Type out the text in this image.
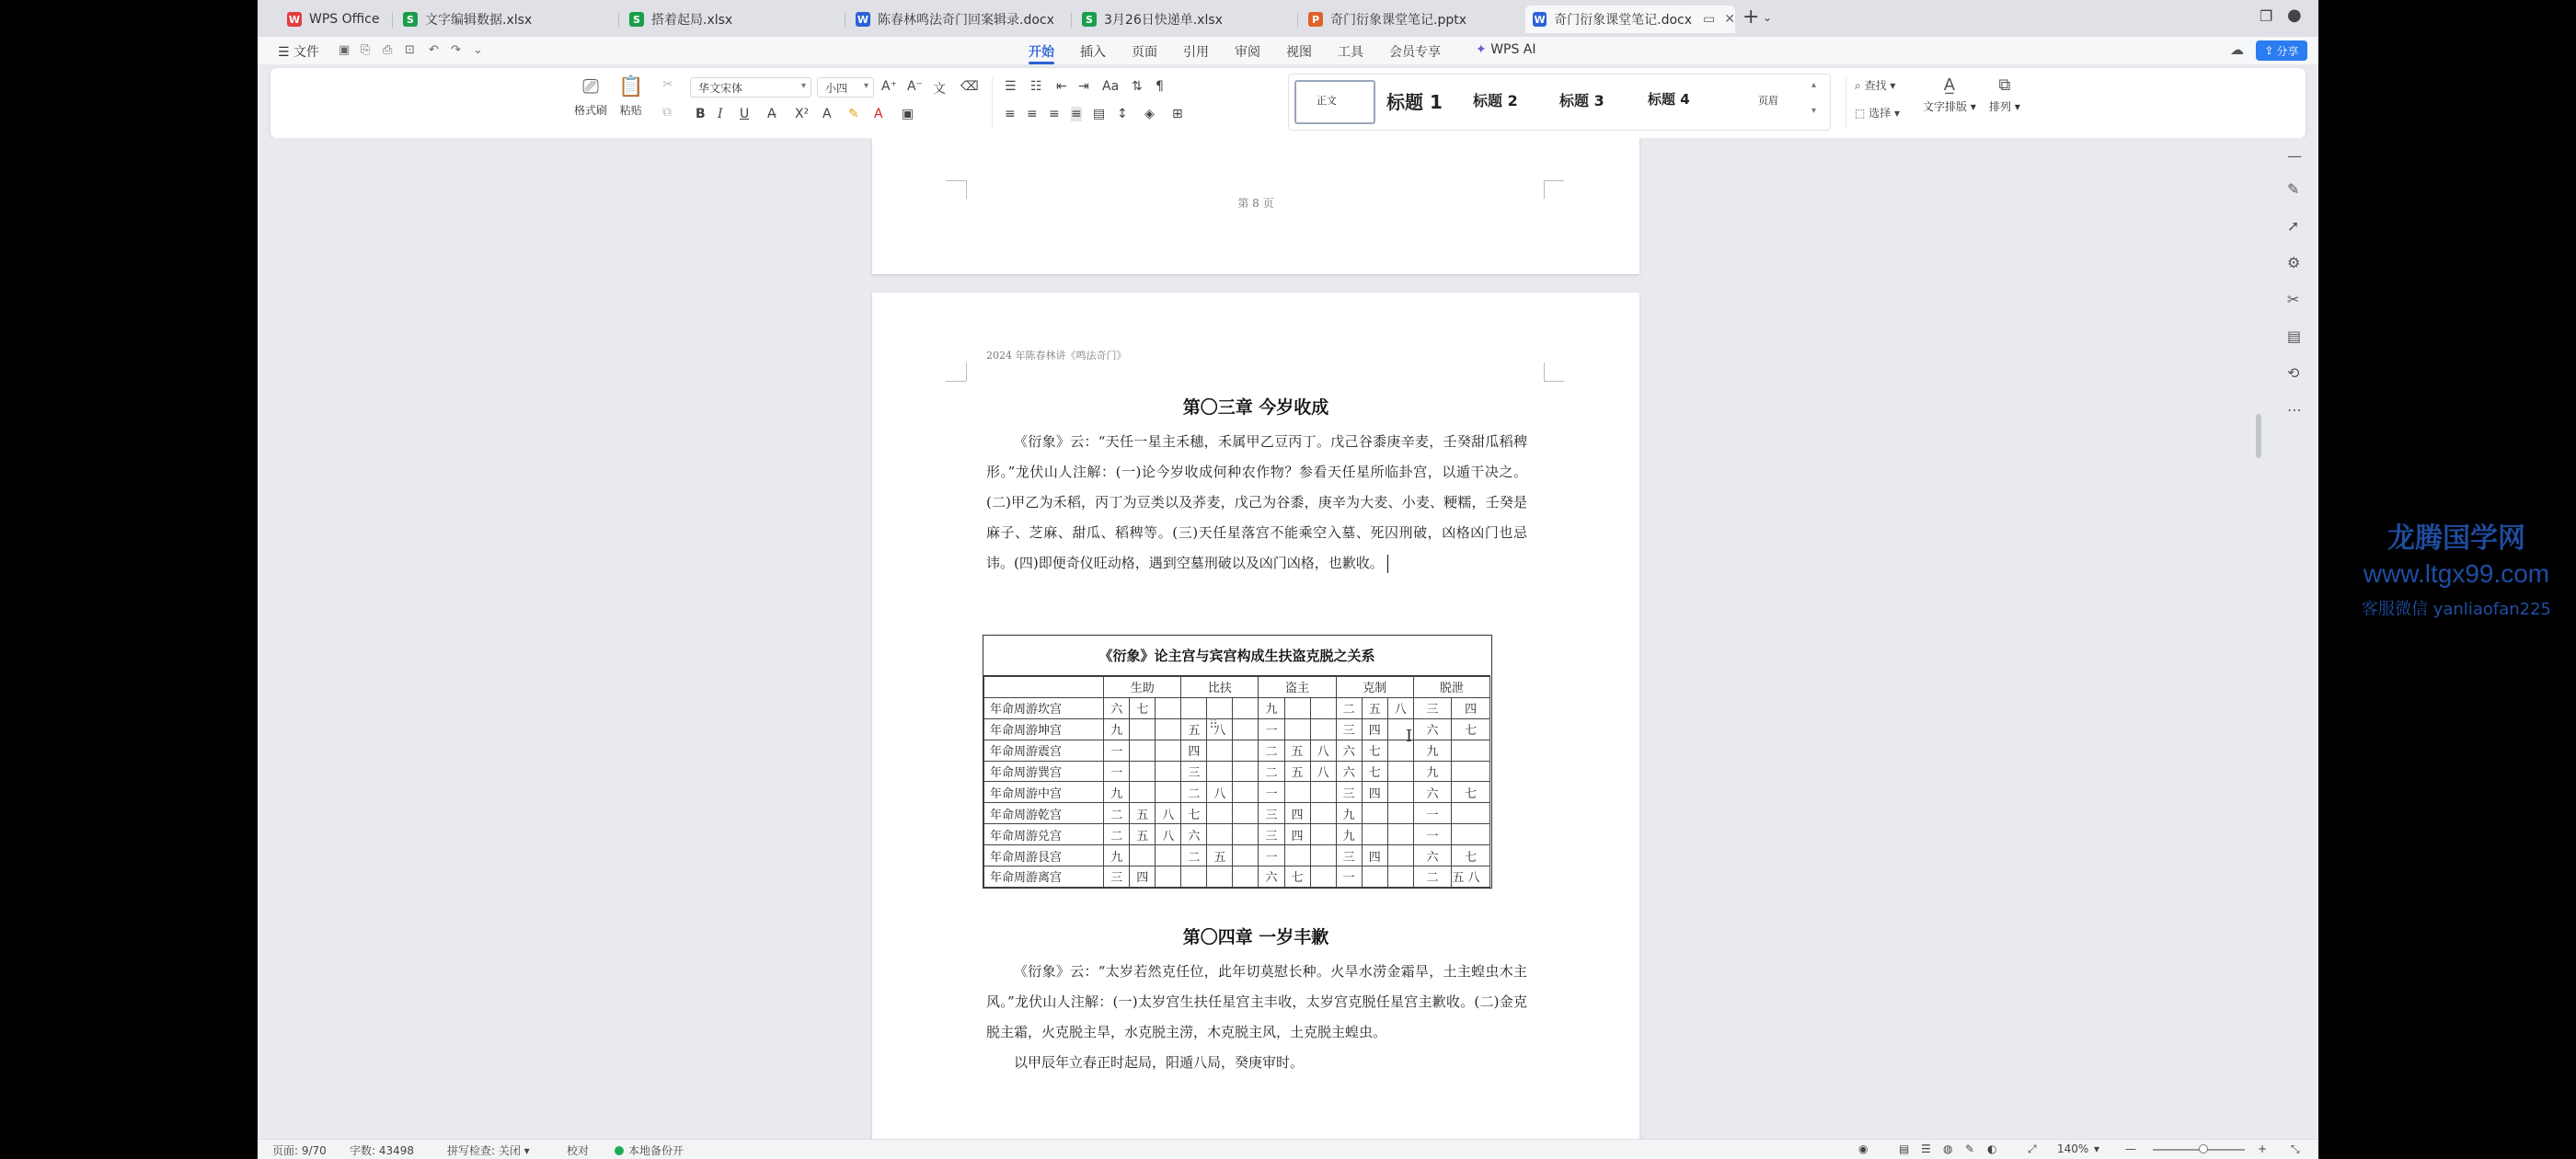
W WPS Office	S 文字编辑数据.xlsx	S 搭着起局.xlsx	W 陈春林鸣法奇门回案辑录.docx	S 3月26日快递单.xlsx	P 奇门衍象课堂笔记.pptx	W 奇门衍象课堂笔记.docx ▭ ✕ + ⌄	❐ ●
☰ 文件 ▣ ⎘ ⎙ ⊡ ↶ ↷ ⌄	开始 插入 页面 引用 审阅 视图 工具 会员专享	✦ WPS AI	☁ ⇪ 分享
⎚
格式刷
📋
粘贴
✂
⧉
华文宋体	▾ 小四 ▾ A⁺ A⁻ 文 ⌫
B I U A̶ X² A ✎ A ▣
☰ ☷ ⇤ ⇥ Aa ⇅ ¶
≡ ≡ ≡ ≡ ▤ ↕ ◈ ⊞
正文	标题 1 标题 2	标题 3	标题 4	页眉
▴
▾
⌕ 查找 ▾
⬚ 选择 ▾
A̲
文字排版 ▾
⧉
排列 ▾
第 8 页
2024 年陈春林讲《鸣法奇门》
第〇三章 今岁收成
《衍象》云：“天任一星主禾穗，禾属甲乙豆丙丁。戊己谷黍庚辛麦，壬癸甜瓜稻稗形。”龙伏山人注解：(一)论今岁收成何种农作物？参看天任星所临卦宫，以遁干决之。(二)甲乙为禾稻，丙丁为豆类以及荞麦，戊己为谷黍，庚辛为大麦、小麦、粳糯，壬癸是麻子、芝麻、甜瓜、稻稗等。(三)天任星落宫不能乘空入墓、死囚刑破，凶格凶门也忌讳。(四)即便奇仪旺动格，遇到空墓刑破以及凶门凶格，也歉收。
《衍象》论主宫与宾宫构成生扶盗克脱之关系
	生助			比扶			盗主			克制			脱泄	
年命周游坎宫	六	七					九			二	五	八	三	四
年命周游坤宫	九			五	八		一			三	四		六	七
年命周游震宫	一			四			二	五	八	六	七		九	
年命周游巽宫	一			三			二	五	八	六	七		九	
年命周游中宫	九			二	八		一			三	四		六	七
年命周游乾宫	二	五	八	七			三	四		九			一	
年命周游兑宫	二	五	八	六			三	四		九			一	
年命周游艮宫	九			二	五		一			三	四		六	七
年命周游离宫	三	四					六	七		一			二	五 八
第〇四章 一岁丰歉
《衍象》云：“太岁若然克任位，此年切莫慰长种。火旱水涝金霜旱，土主蝗虫木主风。”龙伏山人注解：(一)太岁宫生扶任星宫主丰收，太岁宫克脱任星宫主歉收。(二)金克脱主霜，火克脱主旱，水克脱主涝，木克脱主风，土克脱主蝗虫。
以甲辰年立春正时起局，阳遁八局，癸庚审时。
⠿
I
—
✎
➚
⚙
✂
▤
⟲
⋯
页面: 9/70 字数: 43498	拼写检查: 关闭 ▾	校对	本地备份开	◉	▤ ☰ ◍ ✎ ◐	⤢ 140% ▾ —	+ ⤡
龙腾国学网
www.ltgx99.com
客服微信 yanliaofan225
